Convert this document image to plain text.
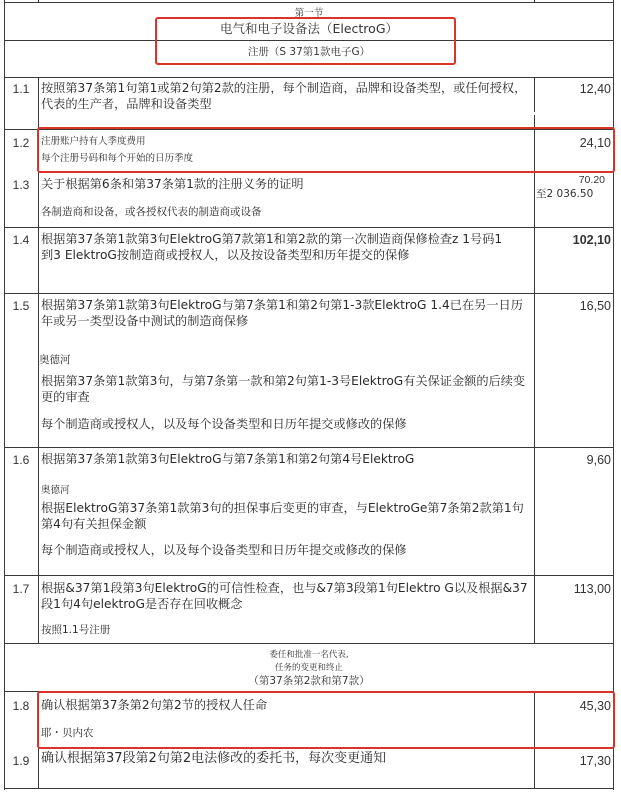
第一节
电气和电子设备法（ElectroG）
注册（S 37第1款电子G）
1.1 按照第37条第1句第1或第2句第2款的注册，每个制造商，品牌和设备类型，或任何授权，代表的生产者，品牌和设备类型
12,40
1.2	注册账户持有人季度费用
每个注册号码和每个开始的日历季度
24,10
1.3 关于根据第6条和第37条第1款的注册义务的证明
各制造商和设备，或各授权代表的制造商或设备
70.20
至2 036.50
1.4 根据第37条第1款第3句ElektroG第7款第1和第2款的第一次制造商保修检查z 1号码1到3 ElektroG按制造商或授权人，以及按设备类型和历年提交的保修
102,10
1.5 根据第37条第1款第3句ElektroG与第7条第1和第2句第1-3款ElektroG 1.4已在另一日历年或另一类型设备中测试的制造商保修
奥德河
根据第37条第1款第3句，与第7条第一款和第2句第1-3号ElektroG有关保证金额的后续变更的审查
每个制造商或授权人，以及每个设备类型和日历年提交或修改的保修
16,50
1.6 根据第37条第1款第3句ElektroG与第7条第1和第2句第4号ElektroG
奥德河
根据ElektroG第37条第1款第3句的担保事后变更的审查，与ElektroGe第7条第2款第1句第4句有关担保金额
每个制造商或授权人，以及每个设备类型和日历年提交或修改的保修
9,60
1.7 根据&37第1段第3句ElektroG的可信性检查，也与&7第3段第1句Elektro G以及根据&37段1句4句elektroG是否存在回收概念
按照1.1号注册
113,00
委任和批准一名代表,
任务的变更和终止
（第37条第2款和第7款）
1.8 确认根据第37条第2句第2节的授权人任命
耶・贝内农
45,30
1.9 确认根据第37段第2句第2电法修改的委托书，每次变更通知	17,30
